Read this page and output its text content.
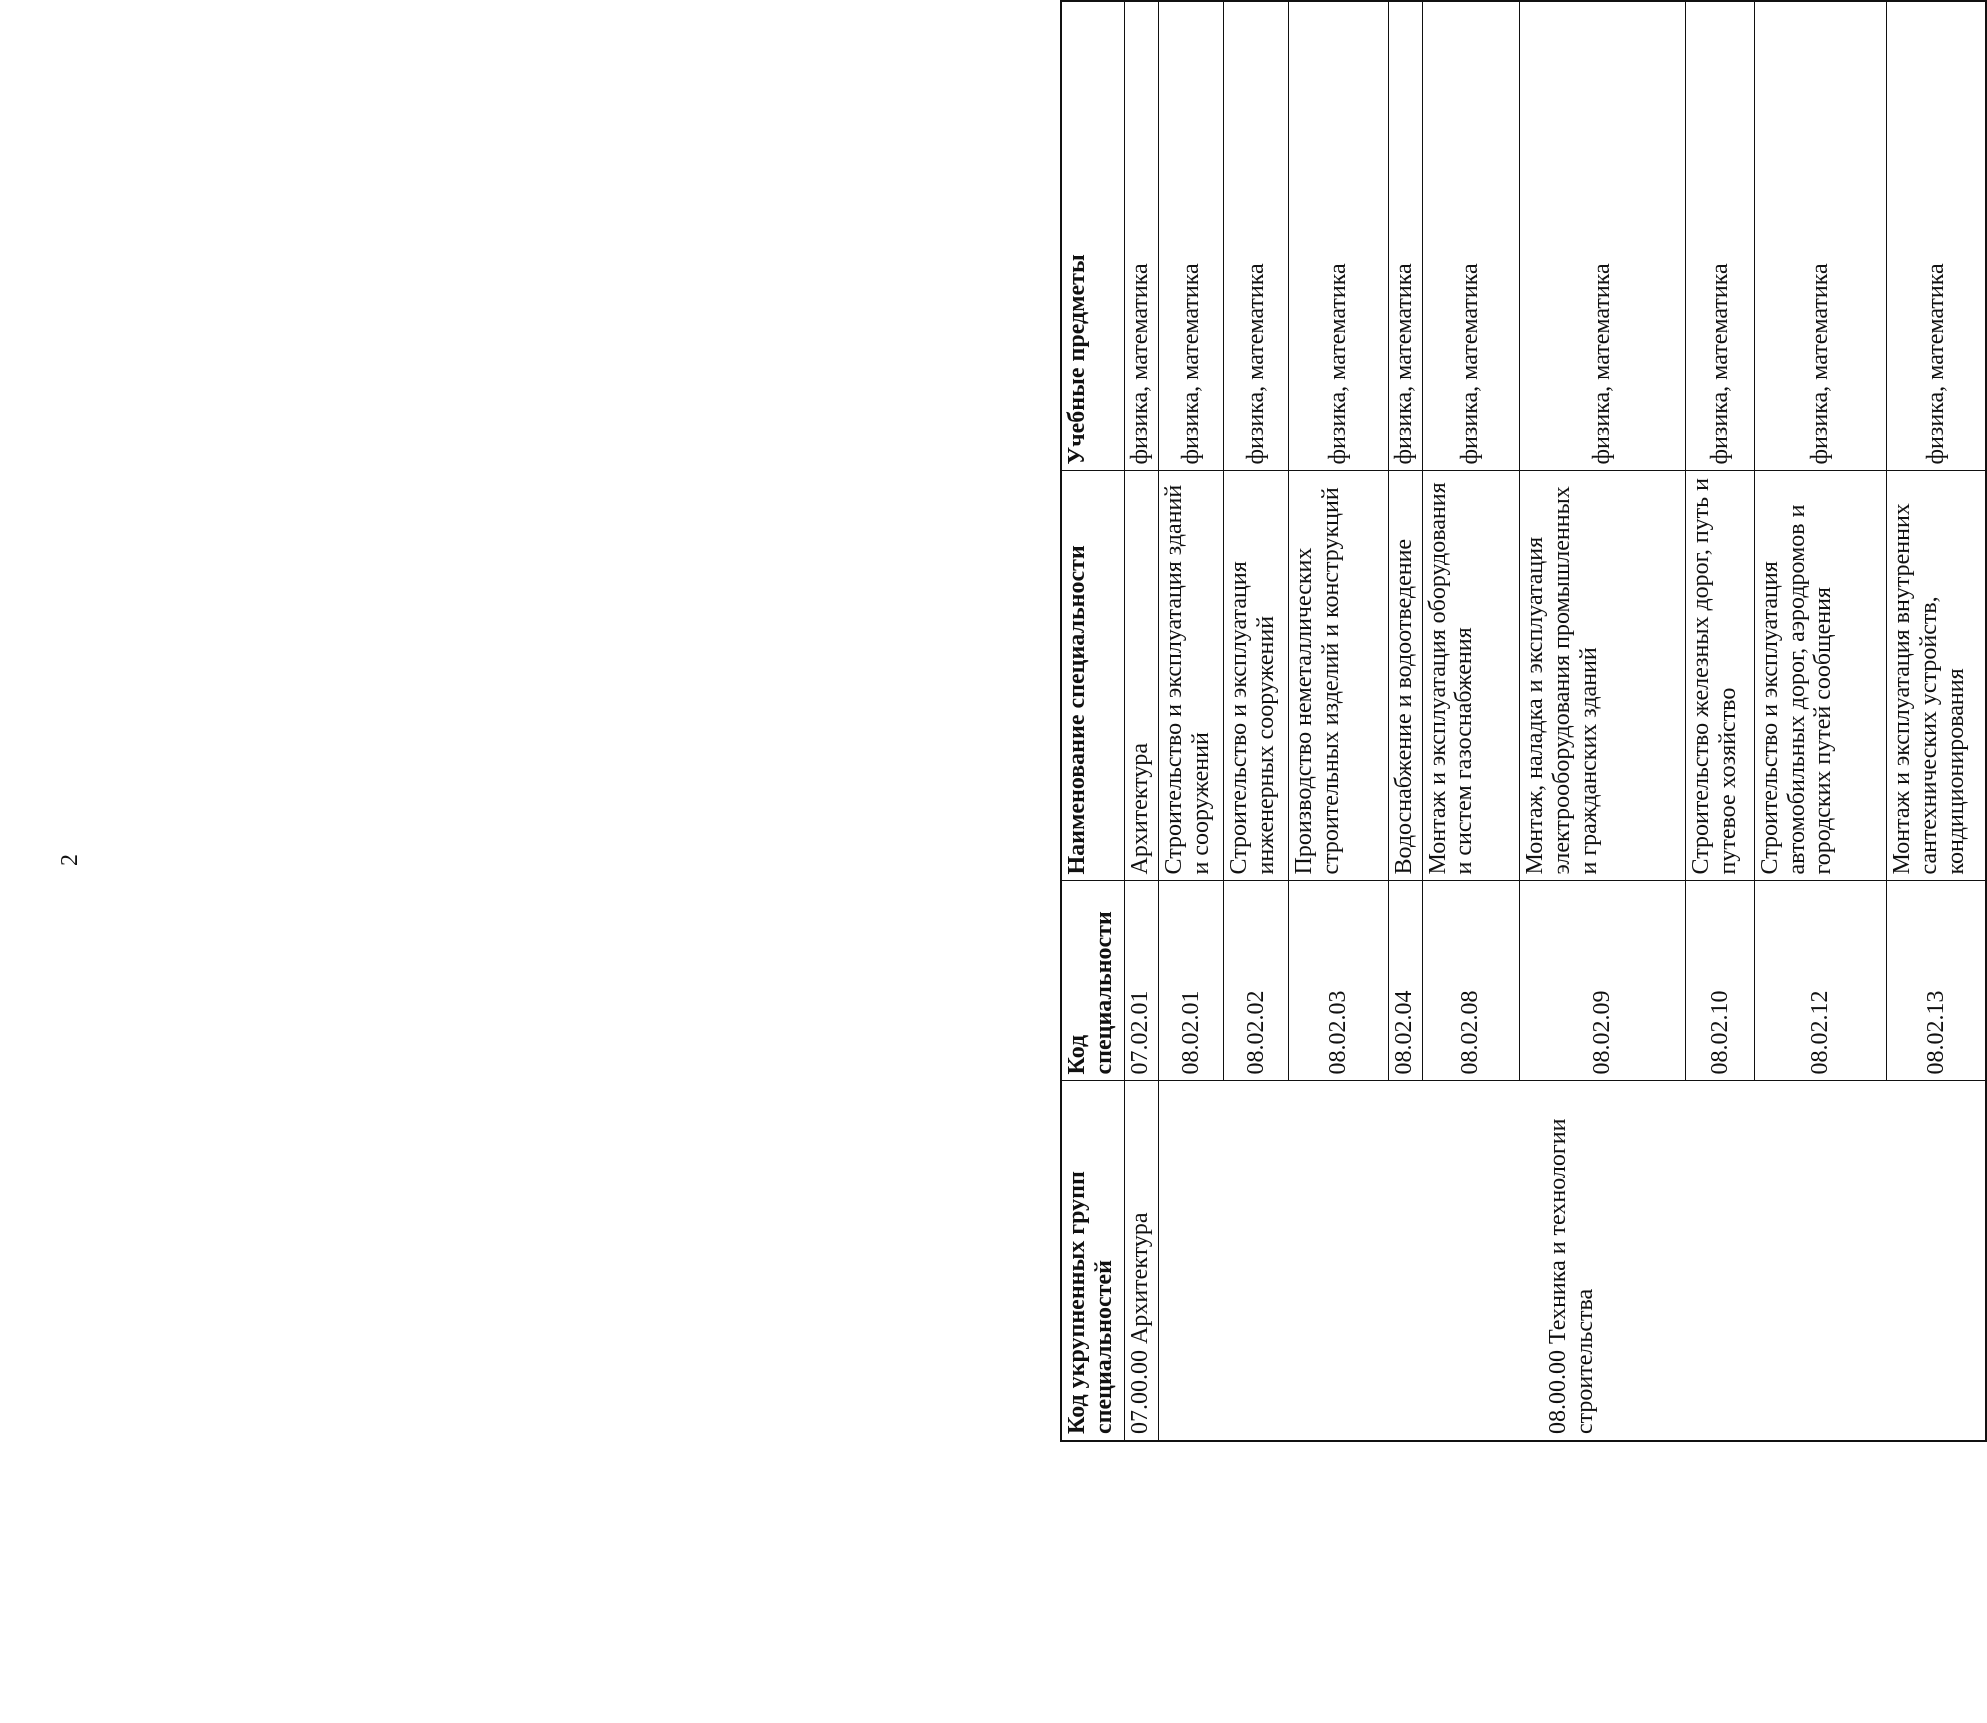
2
Код укрупненных групп специальностей	Код специальности	Наименование специальности	Учебные предметы
07.00.00 Архитектура	07.02.01	Архитектура	физика, математика
08.00.00 Техника и технологии строительства	08.02.01	Строительство и эксплуатация зданий и сооружений	физика, математика
	08.02.02	Строительство и эксплуатация инженерных сооружений	физика, математика
	08.02.03	Производство неметаллических строительных изделий и конструкций	физика, математика
	08.02.04	Водоснабжение и водоотведение	физика, математика
	08.02.08	Монтаж и эксплуатация оборудования и систем газоснабжения	физика, математика
	08.02.09	Монтаж, наладка и эксплуатация электрооборудования промышленных и гражданских зданий	физика, математика
	08.02.10	Строительство железных дорог, путь и путевое хозяйство	физика, математика
	08.02.12	Строительство и эксплуатация автомобильных дорог, аэродромов и городских путей сообщения	физика, математика
	08.02.13	Монтаж и эксплуатация внутренних сантехнических устройств, кондиционирования	физика, математика
